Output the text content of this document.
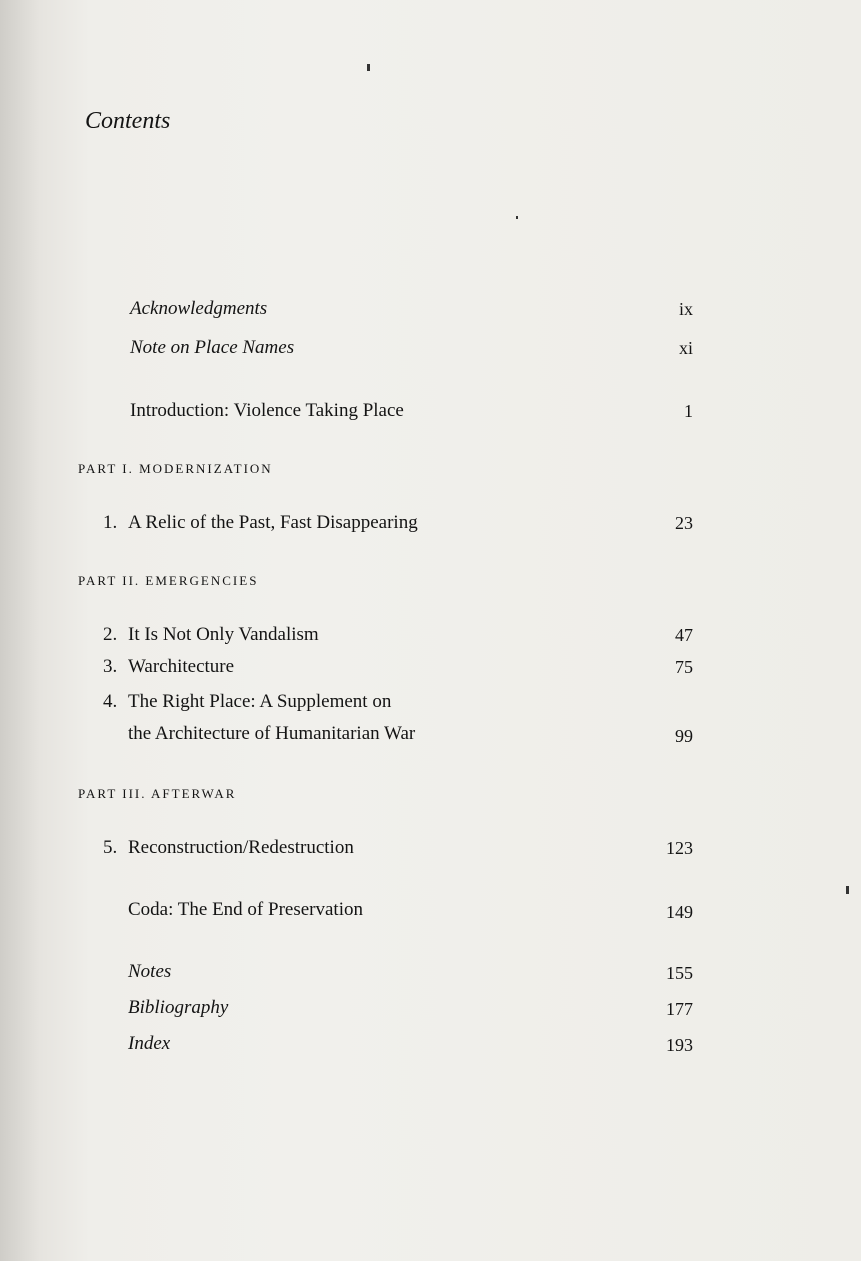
Contents
Acknowledgments	ix
Note on Place Names	xi
Introduction: Violence Taking Place	1
PART I. MODERNIZATION
1. A Relic of the Past, Fast Disappearing	23
PART II. EMERGENCIES
2. It Is Not Only Vandalism	47
3. Warchitecture	75
4. The Right Place: A Supplement on
the Architecture of Humanitarian War	99
PART III. AFTERWAR
5. Reconstruction/Redestruction	123
Coda: The End of Preservation	149
Notes	155
Bibliography	177
Index	193
